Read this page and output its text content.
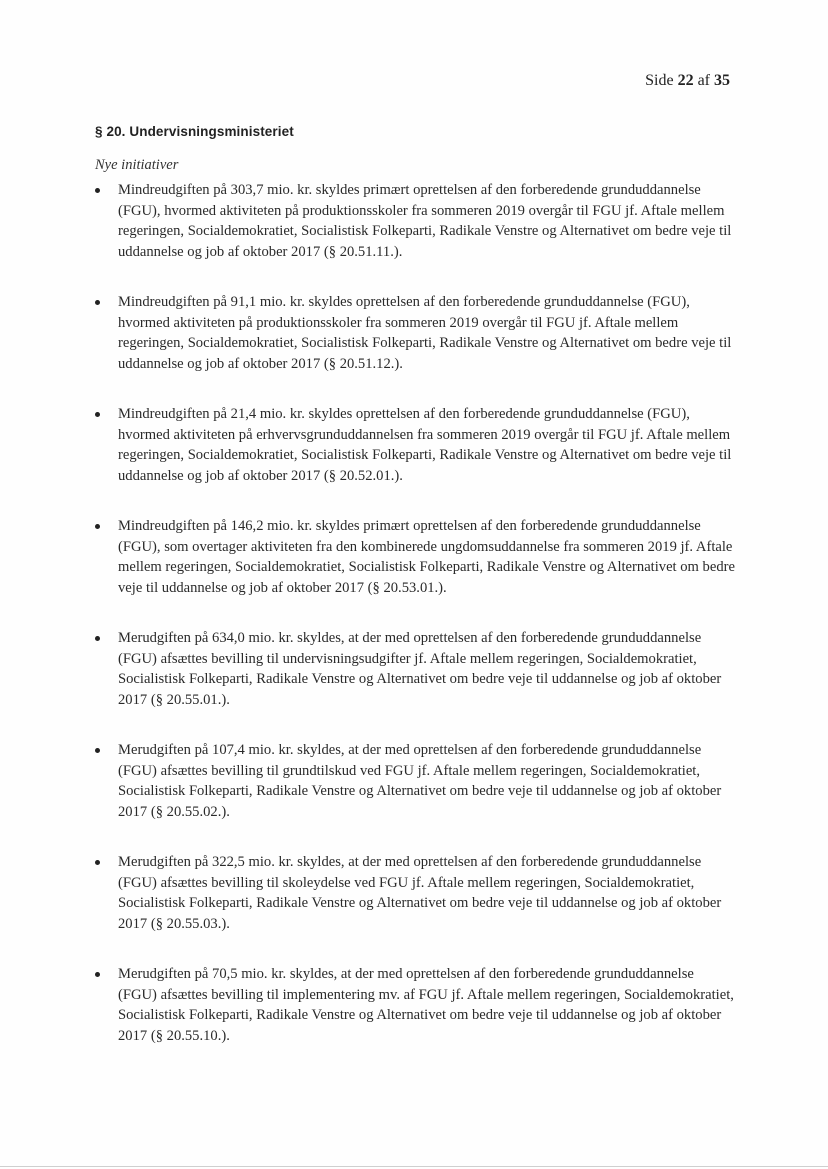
Side 22 af 35
§ 20. Undervisningsministeriet
Nye initiativer
Mindreudgiften på 303,7 mio. kr. skyldes primært oprettelsen af den forberedende grunduddannelse (FGU), hvormed aktiviteten på produktionsskoler fra sommeren 2019 overgår til FGU jf. Aftale mellem regeringen, Socialdemokratiet, Socialistisk Folkeparti, Radikale Venstre og Alternativet om bedre veje til uddannelse og job af oktober 2017 (§ 20.51.11.).
Mindreudgiften på 91,1 mio. kr. skyldes oprettelsen af den forberedende grunduddannelse (FGU), hvormed aktiviteten på produktionsskoler fra sommeren 2019 overgår til FGU jf. Aftale mellem regeringen, Socialdemokratiet, Socialistisk Folkeparti, Radikale Venstre og Alternativet om bedre veje til uddannelse og job af oktober 2017 (§ 20.51.12.).
Mindreudgiften på 21,4 mio. kr. skyldes oprettelsen af den forberedende grunduddannelse (FGU), hvormed aktiviteten på erhvervsgrunduddannelsen fra sommeren 2019 overgår til FGU jf. Aftale mellem regeringen, Socialdemokratiet, Socialistisk Folkeparti, Radikale Venstre og Alternativet om bedre veje til uddannelse og job af oktober 2017 (§ 20.52.01.).
Mindreudgiften på 146,2 mio. kr. skyldes primært oprettelsen af den forberedende grunduddannelse (FGU), som overtager aktiviteten fra den kombinerede ungdomsuddannelse fra sommeren 2019 jf. Aftale mellem regeringen, Socialdemokratiet, Socialistisk Folkeparti, Radikale Venstre og Alternativet om bedre veje til uddannelse og job af oktober 2017 (§ 20.53.01.).
Merudgiften på 634,0 mio. kr. skyldes, at der med oprettelsen af den forberedende grunduddannelse (FGU) afsættes bevilling til undervisningsudgifter jf. Aftale mellem regeringen, Socialdemokratiet, Socialistisk Folkeparti, Radikale Venstre og Alternativet om bedre veje til uddannelse og job af oktober 2017 (§ 20.55.01.).
Merudgiften på 107,4 mio. kr. skyldes, at der med oprettelsen af den forberedende grunduddannelse (FGU) afsættes bevilling til grundtilskud ved FGU jf. Aftale mellem regeringen, Socialdemokratiet, Socialistisk Folkeparti, Radikale Venstre og Alternativet om bedre veje til uddannelse og job af oktober 2017 (§ 20.55.02.).
Merudgiften på 322,5 mio. kr. skyldes, at der med oprettelsen af den forberedende grunduddannelse (FGU) afsættes bevilling til skoleydelse ved FGU jf. Aftale mellem regeringen, Socialdemokratiet, Socialistisk Folkeparti, Radikale Venstre og Alternativet om bedre veje til uddannelse og job af oktober 2017 (§ 20.55.03.).
Merudgiften på 70,5 mio. kr. skyldes, at der med oprettelsen af den forberedende grunduddannelse (FGU) afsættes bevilling til implementering mv. af FGU jf. Aftale mellem regeringen, Socialdemokratiet, Socialistisk Folkeparti, Radikale Venstre og Alternativet om bedre veje til uddannelse og job af oktober 2017 (§ 20.55.10.).
